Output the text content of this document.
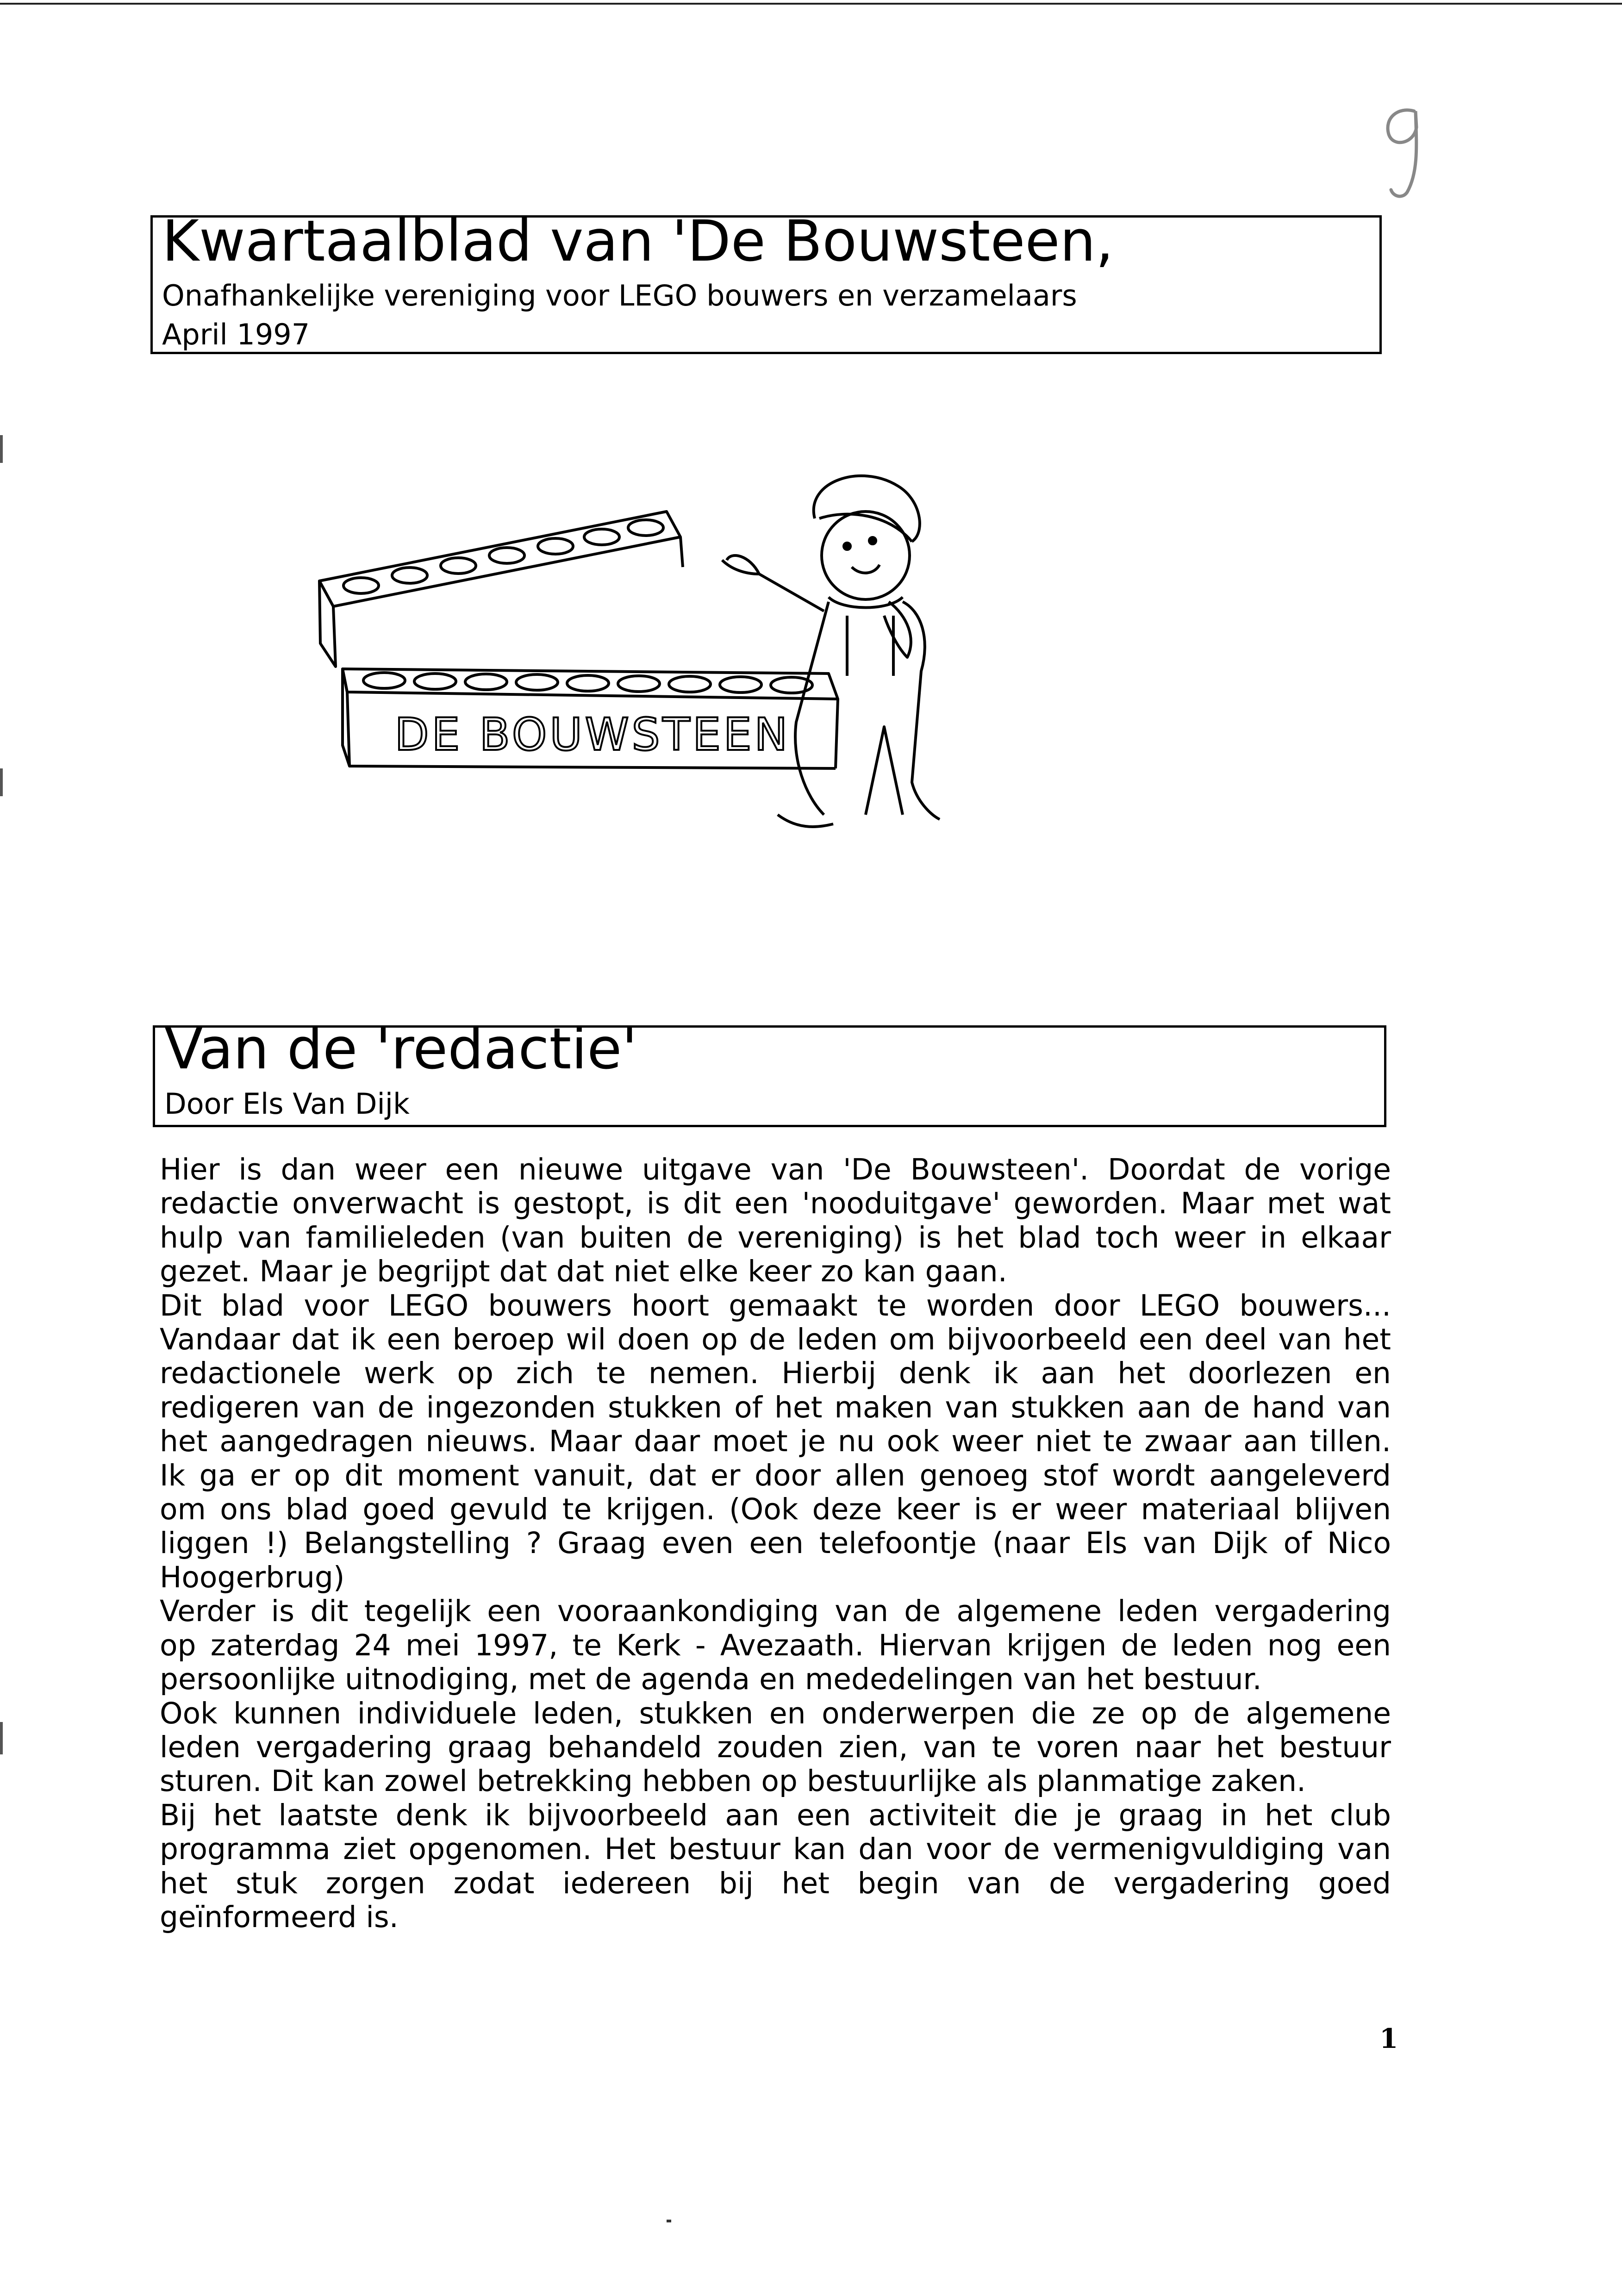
Kwartaalblad van 'De Bouwsteen,
Onafhankelijke vereniging voor LEGO bouwers en verzamelaars
April 1997
DE BOUWSTEEN
Van de 'redactie'
Door Els Van Dijk
Hier is dan weer een nieuwe uitgave van 'De Bouwsteen'. Doordat de vorige
redactie onverwacht is gestopt, is dit een 'nooduitgave' geworden. Maar met wat
hulp van familieleden (van buiten de vereniging) is het blad toch weer in elkaar
gezet. Maar je begrijpt dat dat niet elke keer zo kan gaan.
Dit blad voor LEGO bouwers hoort gemaakt te worden door LEGO bouwers...
Vandaar dat ik een beroep wil doen op de leden om bijvoorbeeld een deel van het
redactionele werk op zich te nemen. Hierbij denk ik aan het doorlezen en
redigeren van de ingezonden stukken of het maken van stukken aan de hand van
het aangedragen nieuws. Maar daar moet je nu ook weer niet te zwaar aan tillen.
Ik ga er op dit moment vanuit, dat er door allen genoeg stof wordt aangeleverd
om ons blad goed gevuld te krijgen. (Ook deze keer is er weer materiaal blijven
liggen !) Belangstelling ? Graag even een telefoontje (naar Els van Dijk of Nico
Hoogerbrug)
Verder is dit tegelijk een vooraankondiging van de algemene leden vergadering
op zaterdag 24 mei 1997, te Kerk - Avezaath. Hiervan krijgen de leden nog een
persoonlijke uitnodiging, met de agenda en mededelingen van het bestuur.
Ook kunnen individuele leden, stukken en onderwerpen die ze op de algemene
leden vergadering graag behandeld zouden zien, van te voren naar het bestuur
sturen. Dit kan zowel betrekking hebben op bestuurlijke als planmatige zaken.
Bij het laatste denk ik bijvoorbeeld aan een activiteit die je graag in het club
programma ziet opgenomen. Het bestuur kan dan voor de vermenigvuldiging van
het stuk zorgen zodat iedereen bij het begin van de vergadering goed
geïnformeerd is.
1
